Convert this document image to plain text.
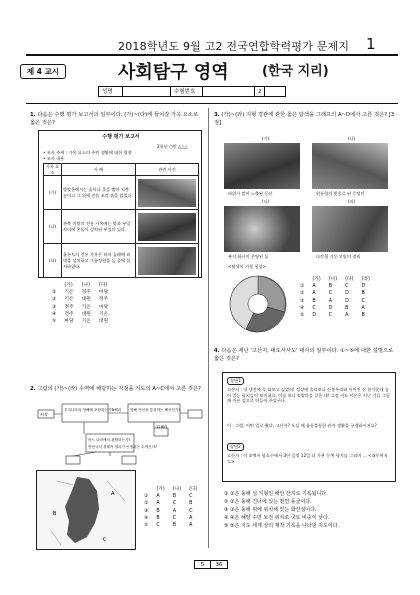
2018학년도 9월 고2 전국연합학력평가 문제지 1
제 4 교시	사회탐구 영역	(한국 지리)
성명	수험번호	2
1. 다음은 수행 평가 보고서의 일부이다. (가)~(다)에 들어갈 가옥 요소로 옳은 것은?
수행 평가 보고서
2학년 ○반 △△△
• 조사 주제 : 가옥 요소의 주민 생활에 대한 영향
• 조사 내용
가옥 요소	사 례	관련 사진
(가)	방앗온에서는 흙이나 물을 빨아 지붕 놓이고 그 위에 진흙 조각 흙을 얹었다.	

(나)	관북 지방의 전통 가옥에는 방과 부엌 사이에 온돌이 설치된 부엌이 있다.	

(다)	울릉도의 전통 가옥은 외의 둘레에 외벽을 설치하고 그름정원을 둘 줄에 설치하였다.	
	(가)	(나)	(다)
①	기온	경주	마당
②	기온	대원	정주
③	정주	기온	마당
④	정주	대원	기온
⑤	마당	기온	대원
2. 그림의 (가)~(라) 수역에 해당하는 지점을 지도의 A~C에서 고른 것은?
시작
우리나라의 영해에 포함되는가?
5해리 영해 기선을 통과하는 해선인가?
12해리
어느 나라에서 관할하는가?
연안국의 경제적 권리가 인정되는 수역인가?
A
B
C
	(가)	(나)	(다)
①	A	B	C
②	A	C	B
③	B	A	C
④	B	C	A
⑤	C	B	A
3. (가)~(라) 지형 경관에 관한 옳은 탐색을 그래프의 A~D에서 고른 것은? [3점]
(가)	(나)
바위가 많이 노출된 동산	원통형의 빗물로 된 응덩이
(다)	(라)
분지 화산이 운영된 돌	다각형 기둥 모양의 절리
<탐색의 지형 형성>
	(가)	(나)	(다)	(라)
①	A	B	C	D
②	A	C	D	B
③	B	A	D	C
④	C	D	B	A
⑤	D	C	A	B
4. 다음은 재난 '고산지, 대도서사도' 대사의 일부이다. ①~⑤에 대한 설명으로 옳은 것은?
장면1
고산자 : 내 생전에 꼭 와보고 싶었어! 정상에 올라보니 산봉우리와 이어진 산 한가운데 숨어 있는 평지들이 보이네요. 이를 보니 ①밭마을 같은 데! 고장 지도 이론은 지난 가을 그렇게 이른 섬으로 만들어 주었구나.
이 : 그럼, 어떤 일로 왔냐, 고산자? 오실 때 울퉁불퉁한 관자 생활을 구경하시지요?
장면2
고산자 : 이 ②백록 함호수에서 3년 일정 12일 더 가본 동쪽 평지를 그리며 ... <대동여지도>
① ①은 동해 섬 지형인 해안 산지로 기록됩니다.
② ②은 동해 건너에 있는 천연 동굴이다.
③ ③은 동해 위에 위치해 있는 화산섬이다.
④ ④은 해양 수면 보전 위치로 국토 비중이 낮다.
⑤ ⑤은 지도 세계 상의 제작 기록을 나타낸 지도이다.
5	36
